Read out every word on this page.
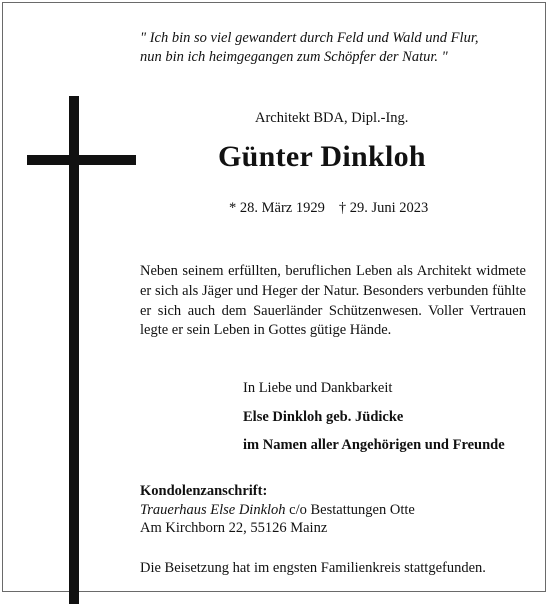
" Ich bin so viel gewandert durch Feld und Wald und Flur,
nun bin ich heimgegangen zum Schöpfer der Natur. "
Architekt BDA, Dipl.-Ing.
Günter Dinkloh
* 28. März 1929 † 29. Juni 2023
Neben seinem erfüllten, beruflichen Leben als Architekt widmete er sich als Jäger und Heger der Natur. Besonders verbunden fühlte er sich auch dem Sauerländer Schützenwesen. Voller Vertrauen legte er sein Leben in Gottes gütige Hände.
In Liebe und Dankbarkeit
Else Dinkloh geb. Jüdicke
im Namen aller Angehörigen und Freunde
Kondolenzanschrift:
Trauerhaus Else Dinkloh c/o Bestattungen Otte
Am Kirchborn 22, 55126 Mainz
Die Beisetzung hat im engsten Familienkreis stattgefunden.
